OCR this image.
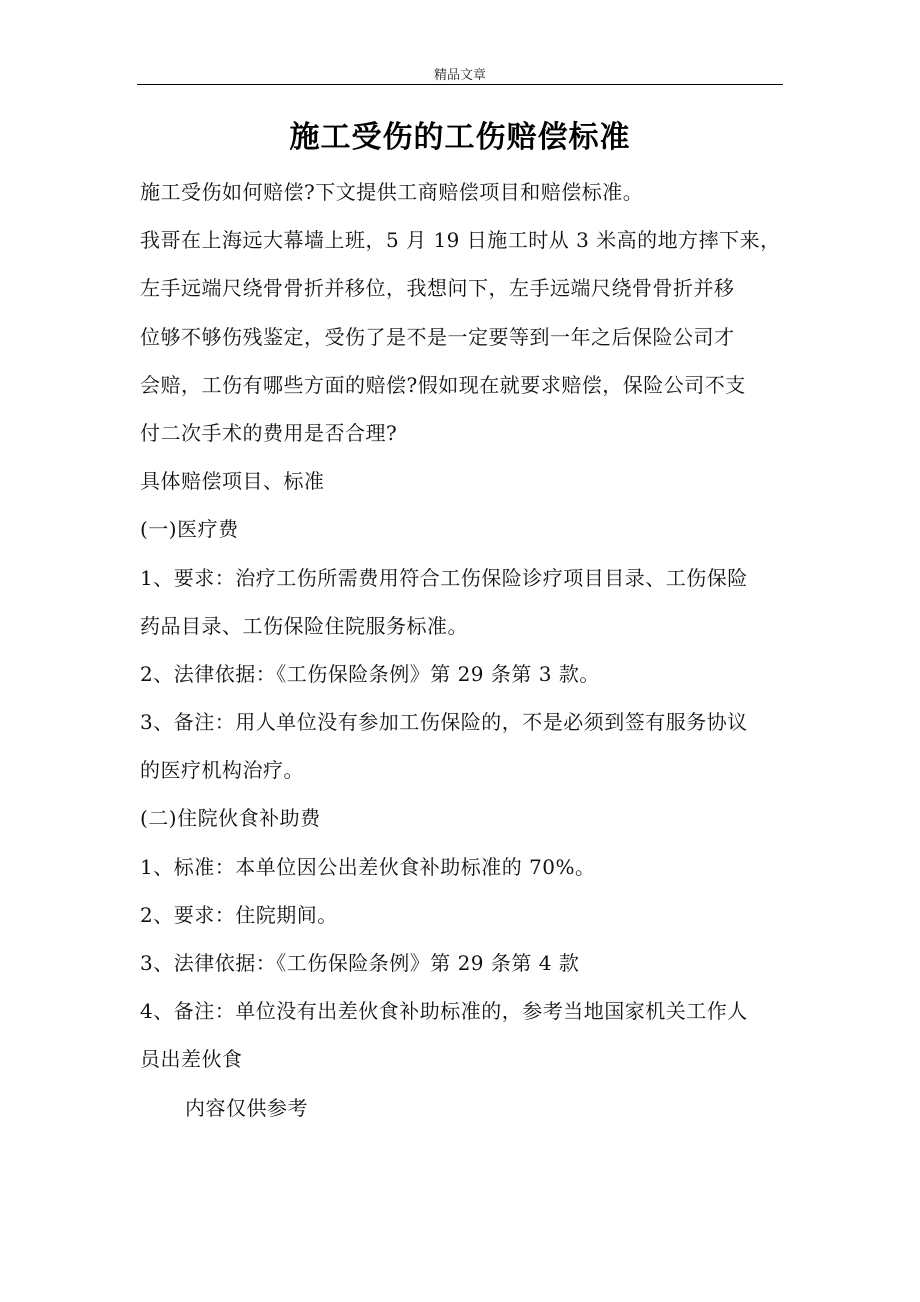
精品文章
施工受伤的工伤赔偿标准
施工受伤如何赔偿?下文提供工商赔偿项目和赔偿标准。
我哥在上海远大幕墙上班，5 月 19 日施工时从 3 米高的地方摔下来，
左手远端尺绕骨骨折并移位，我想问下，左手远端尺绕骨骨折并移
位够不够伤残鉴定，受伤了是不是一定要等到一年之后保险公司才
会赔，工伤有哪些方面的赔偿?假如现在就要求赔偿，保险公司不支
付二次手术的费用是否合理?
具体赔偿项目、标准
(一)医疗费
1、要求：治疗工伤所需费用符合工伤保险诊疗项目目录、工伤保险
药品目录、工伤保险住院服务标准。
2、法律依据：《工伤保险条例》第 29 条第 3 款。
3、备注：用人单位没有参加工伤保险的，不是必须到签有服务协议
的医疗机构治疗。
(二)住院伙食补助费
1、标准：本单位因公出差伙食补助标准的 70%。
2、要求：住院期间。
3、法律依据：《工伤保险条例》第 29 条第 4 款
4、备注：单位没有出差伙食补助标准的，参考当地国家机关工作人
员出差伙食
内容仅供参考
